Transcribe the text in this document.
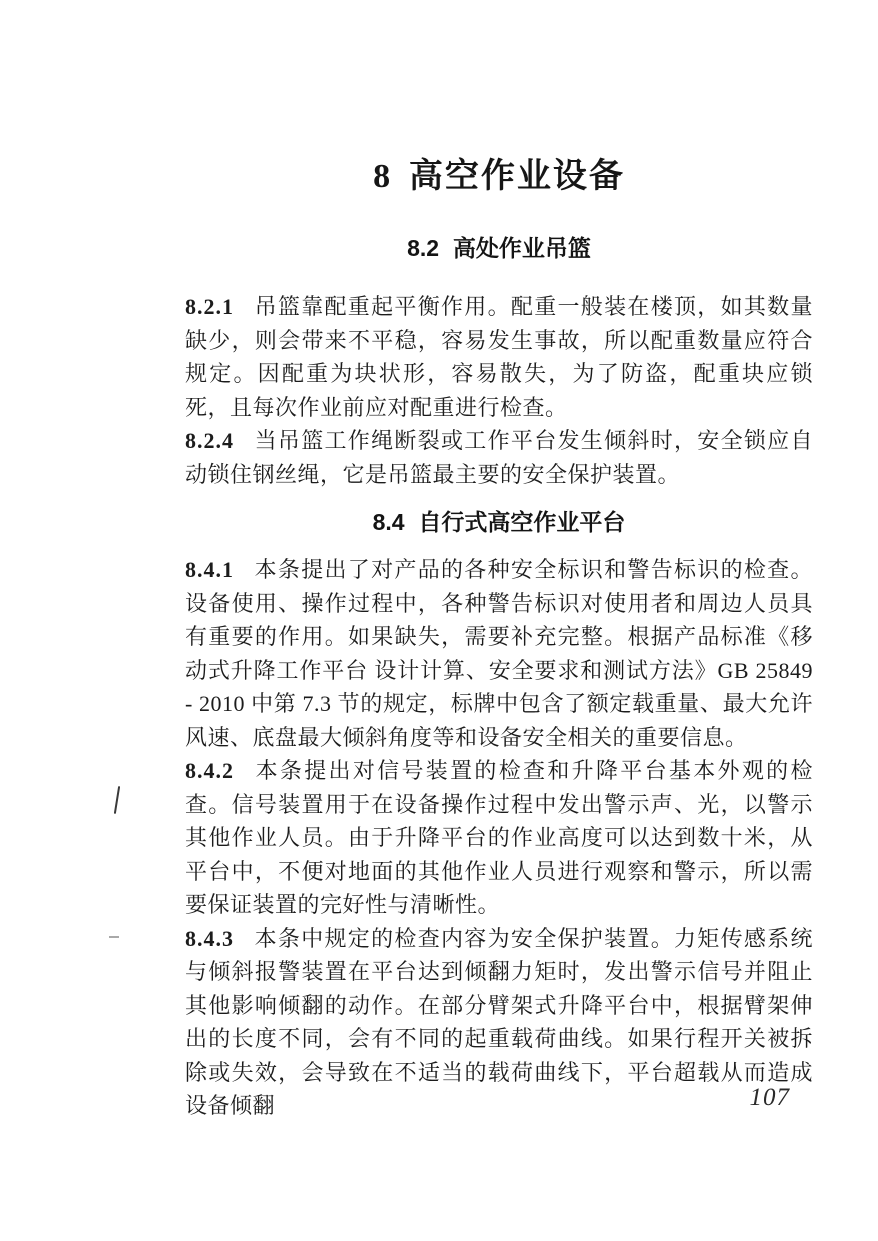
8 高空作业设备
8.2 高处作业吊篮

8.2.1 吊篮靠配重起平衡作用。配重一般装在楼顶，如其数量缺少，则会带来不平稳，容易发生事故，所以配重数量应符合规定。因配重为块状形，容易散失，为了防盗，配重块应锁死，且每次作业前应对配重进行检查。

8.2.4 当吊篮工作绳断裂或工作平台发生倾斜时，安全锁应自动锁住钢丝绳，它是吊篮最主要的安全保护装置。

8.4 自行式高空作业平台

8.4.1 本条提出了对产品的各种安全标识和警告标识的检查。设备使用、操作过程中，各种警告标识对使用者和周边人员具有重要的作用。如果缺失，需要补充完整。根据产品标准《移动式升降工作平台 设计计算、安全要求和测试方法》GB 25849 - 2010 中第 7.3 节的规定，标牌中包含了额定载重量、最大允许风速、底盘最大倾斜角度等和设备安全相关的重要信息。

8.4.2 本条提出对信号装置的检查和升降平台基本外观的检查。信号装置用于在设备操作过程中发出警示声、光，以警示其他作业人员。由于升降平台的作业高度可以达到数十米，从平台中，不便对地面的其他作业人员进行观察和警示，所以需要保证装置的完好性与清晰性。

8.4.3 本条中规定的检查内容为安全保护装置。力矩传感系统与倾斜报警装置在平台达到倾翻力矩时，发出警示信号并阻止其他影响倾翻的动作。在部分臂架式升降平台中，根据臂架伸出的长度不同，会有不同的起重载荷曲线。如果行程开关被拆除或失效，会导致在不适当的载荷曲线下，平台超载从而造成设备倾翻	107
